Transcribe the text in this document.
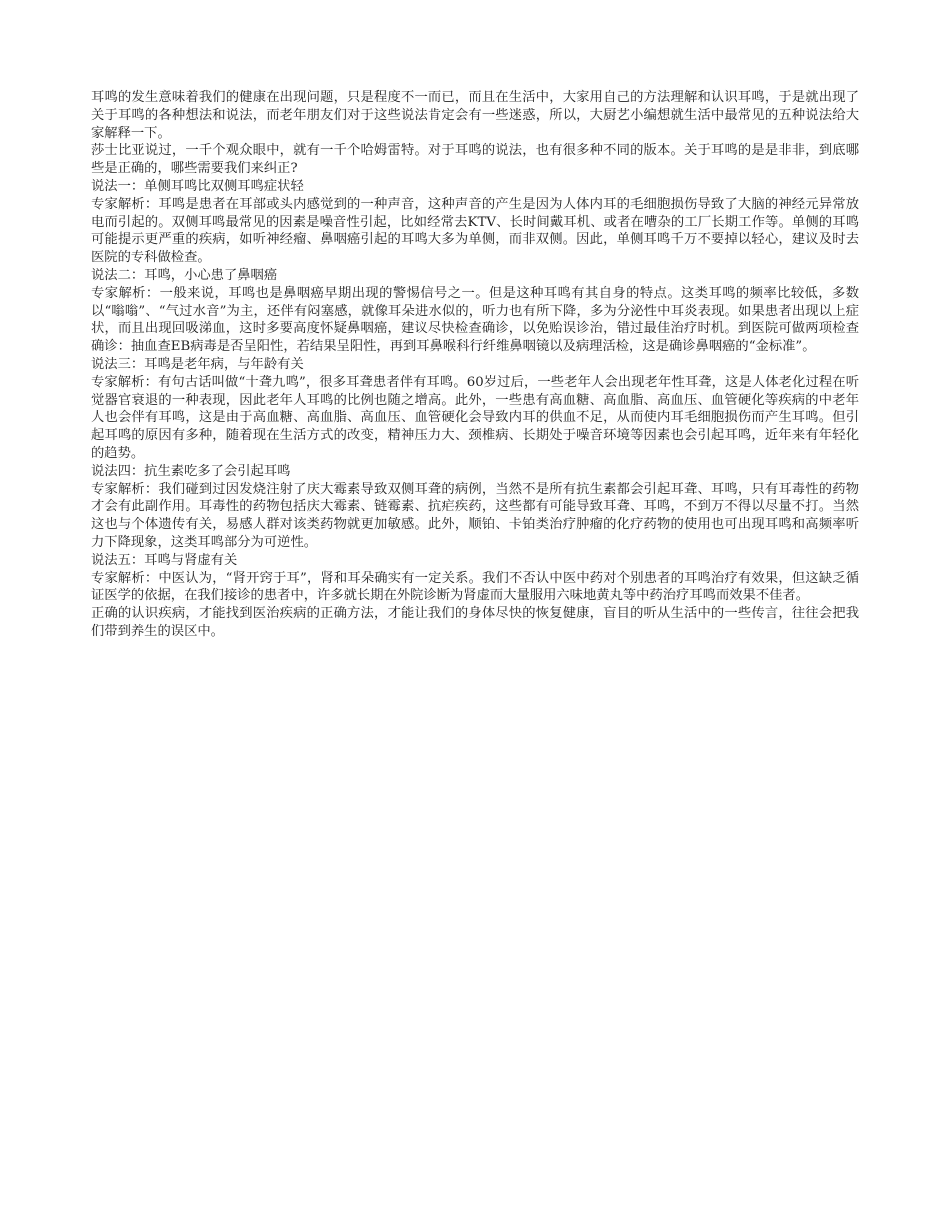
耳鸣的发生意味着我们的健康在出现问题，只是程度不一而已，而且在生活中，大家用自己的方法理解和认识耳鸣，于是就出现了关于耳鸣的各种想法和说法，而老年朋友们对于这些说法肯定会有一些迷惑，所以，大厨艺小编想就生活中最常见的五种说法给大家解释一下。

莎士比亚说过，一千个观众眼中，就有一千个哈姆雷特。对于耳鸣的说法，也有很多种不同的版本。关于耳鸣的是是非非，到底哪些是正确的，哪些需要我们来纠正?

说法一：单侧耳鸣比双侧耳鸣症状轻

专家解析：耳鸣是患者在耳部或头内感觉到的一种声音，这种声音的产生是因为人体内耳的毛细胞损伤导致了大脑的神经元异常放电而引起的。双侧耳鸣最常见的因素是噪音性引起，比如经常去KTV、长时间戴耳机、或者在嘈杂的工厂长期工作等。单侧的耳鸣可能提示更严重的疾病，如听神经瘤、鼻咽癌引起的耳鸣大多为单侧，而非双侧。因此，单侧耳鸣千万不要掉以轻心，建议及时去医院的专科做检查。

说法二：耳鸣，小心患了鼻咽癌

专家解析：一般来说，耳鸣也是鼻咽癌早期出现的警惕信号之一。但是这种耳鸣有其自身的特点。这类耳鸣的频率比较低，多数以“嗡嗡”、“气过水音”为主，还伴有闷塞感，就像耳朵进水似的，听力也有所下降，多为分泌性中耳炎表现。如果患者出现以上症状，而且出现回吸涕血，这时多要高度怀疑鼻咽癌，建议尽快检查确诊，以免贻误诊治，错过最佳治疗时机。到医院可做两项检查确诊：抽血查EB病毒是否呈阳性，若结果呈阳性，再到耳鼻喉科行纤维鼻咽镜以及病理活检，这是确诊鼻咽癌的“金标准”。

说法三：耳鸣是老年病，与年龄有关

专家解析：有句古话叫做“十聋九鸣”，很多耳聋患者伴有耳鸣。60岁过后，一些老年人会出现老年性耳聋，这是人体老化过程在听觉器官衰退的一种表现，因此老年人耳鸣的比例也随之增高。此外，一些患有高血糖、高血脂、高血压、血管硬化等疾病的中老年人也会伴有耳鸣，这是由于高血糖、高血脂、高血压、血管硬化会导致内耳的供血不足，从而使内耳毛细胞损伤而产生耳鸣。但引起耳鸣的原因有多种，随着现在生活方式的改变，精神压力大、颈椎病、长期处于噪音环境等因素也会引起耳鸣，近年来有年轻化的趋势。

说法四：抗生素吃多了会引起耳鸣

专家解析：我们碰到过因发烧注射了庆大霉素导致双侧耳聋的病例，当然不是所有抗生素都会引起耳聋、耳鸣，只有耳毒性的药物才会有此副作用。耳毒性的药物包括庆大霉素、链霉素、抗疟疾药，这些都有可能导致耳聋、耳鸣，不到万不得以尽量不打。当然这也与个体遗传有关，易感人群对该类药物就更加敏感。此外，顺铂、卡铂类治疗肿瘤的化疗药物的使用也可出现耳鸣和高频率听力下降现象，这类耳鸣部分为可逆性。

说法五：耳鸣与肾虚有关

专家解析：中医认为，“肾开窍于耳”，肾和耳朵确实有一定关系。我们不否认中医中药对个别患者的耳鸣治疗有效果，但这缺乏循证医学的依据，在我们接诊的患者中，许多就长期在外院诊断为肾虚而大量服用六味地黄丸等中药治疗耳鸣而效果不佳者。

正确的认识疾病，才能找到医治疾病的正确方法，才能让我们的身体尽快的恢复健康，盲目的听从生活中的一些传言，往往会把我们带到养生的误区中。
